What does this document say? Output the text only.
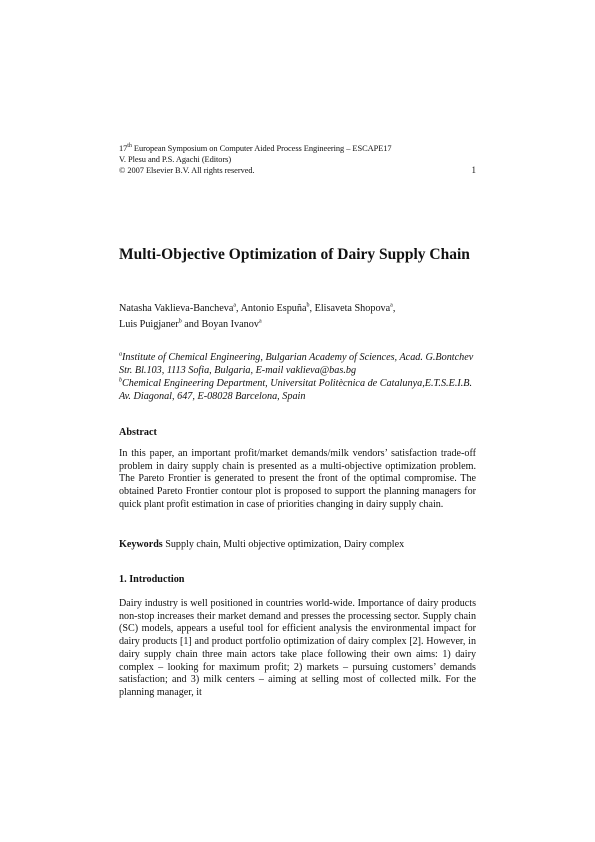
17th European Symposium on Computer Aided Process Engineering – ESCAPE17
V. Plesu and P.S. Agachi (Editors)
© 2007 Elsevier B.V. All rights reserved.	1
Multi-Objective Optimization of Dairy Supply Chain
Natasha Vaklieva-Bancheva$^a$, Antonio Espuña$^b$, Elisaveta Shopova$^a$,
Luis Puigjaner$^b$ and Boyan Ivanov$^a$
$^a$Institute of Chemical Engineering, Bulgarian Academy of Sciences, Acad. G.Bontchev Str. Bl.103, 1113 Sofia, Bulgaria, E-mail vaklieva@bas.bg
$^b$Chemical Engineering Department, Universitat Politècnica de Catalunya,E.T.S.E.I.B. Av. Diagonal, 647, E-08028 Barcelona, Spain
Abstract

In this paper, an important profit/market demands/milk vendors’ satisfaction trade-off problem in dairy supply chain is presented as a multi-objective optimization problem. The Pareto Frontier is generated to present the front of the optimal compromise. The obtained Pareto Frontier contour plot is proposed to support the planning managers for quick plant profit estimation in case of priorities changing in dairy supply chain.

Keywords Supply chain, Multi objective optimization, Dairy complex
1. Introduction

Dairy industry is well positioned in countries world-wide. Importance of dairy products non-stop increases their market demand and presses the processing sector. Supply chain (SC) models, appears a useful tool for efficient analysis the environmental impact for dairy products [1] and product portfolio optimization of dairy complex [2]. However, in dairy supply chain three main actors take place following their own aims: 1) dairy complex – looking for maximum profit; 2) markets – pursuing customers’ demands satisfaction; and 3) milk centers – aiming at selling most of collected milk. For the planning manager, it
